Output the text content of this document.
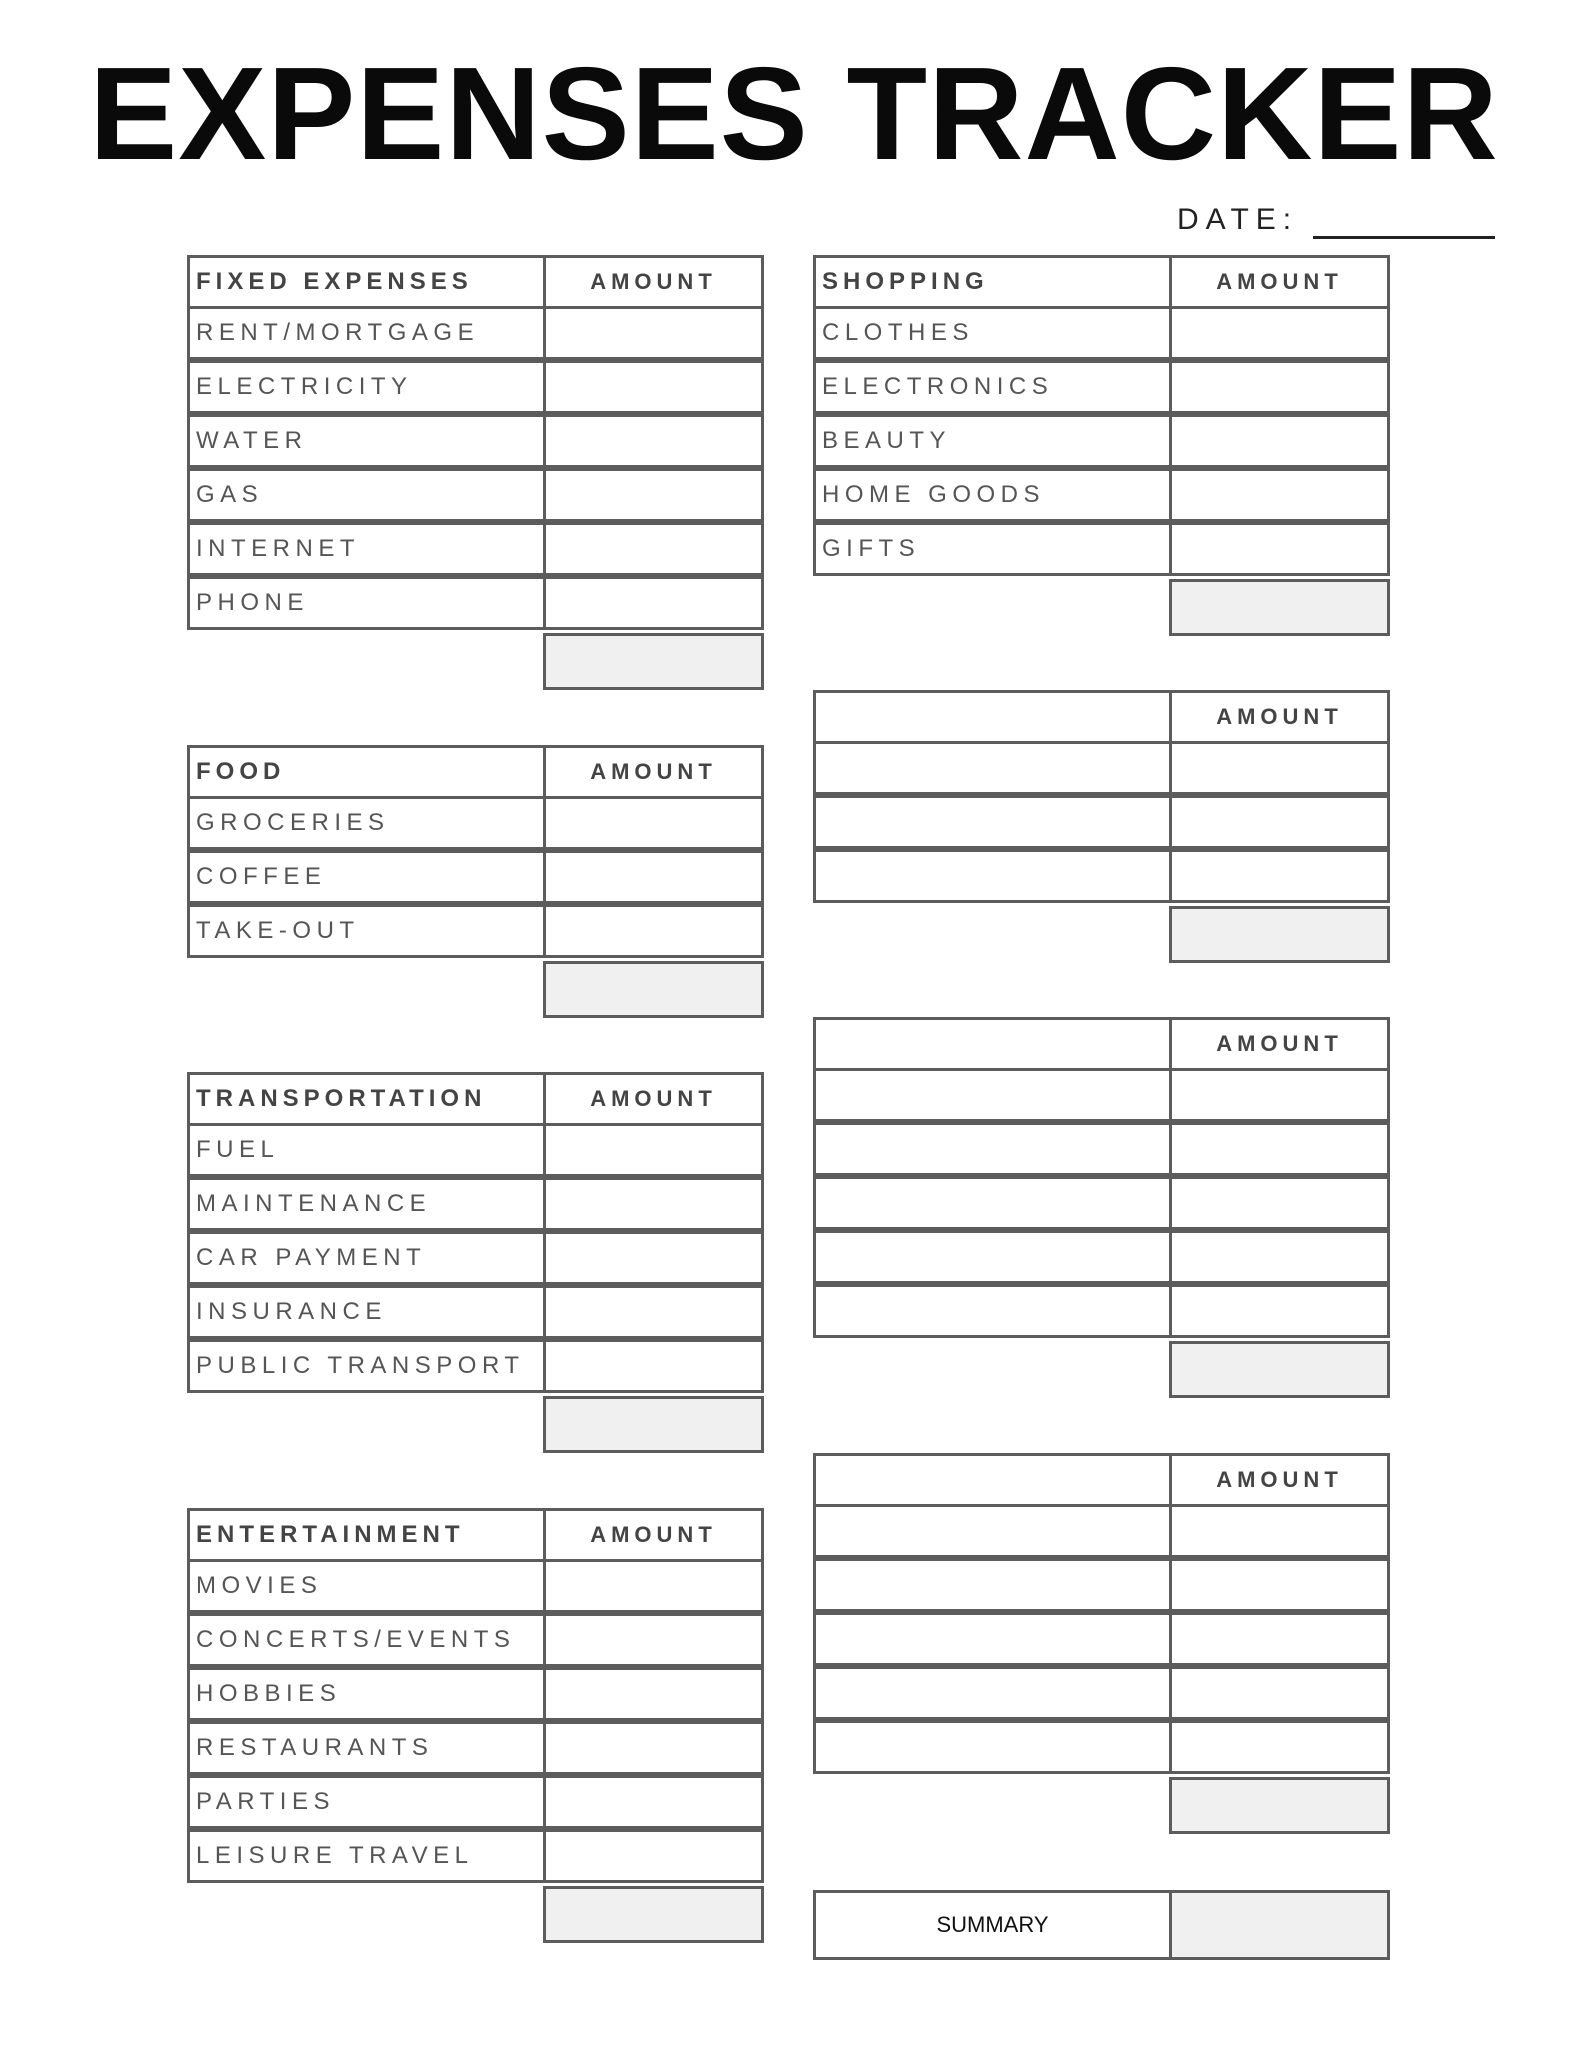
EXPENSES TRACKER
DATE:
FIXED EXPENSES	AMOUNT
RENT/MORTGAGE
ELECTRICITY
WATER
GAS
INTERNET
PHONE
FOOD	AMOUNT
GROCERIES
COFFEE
TAKE-OUT
TRANSPORTATION	AMOUNT
FUEL
MAINTENANCE
CAR PAYMENT
INSURANCE
PUBLIC TRANSPORT
ENTERTAINMENT	AMOUNT
MOVIES
CONCERTS/EVENTS
HOBBIES
RESTAURANTS
PARTIES
LEISURE TRAVEL
SHOPPING	AMOUNT
CLOTHES
ELECTRONICS
BEAUTY
HOME GOODS
GIFTS
AMOUNT
AMOUNT
AMOUNT
SUMMARY
